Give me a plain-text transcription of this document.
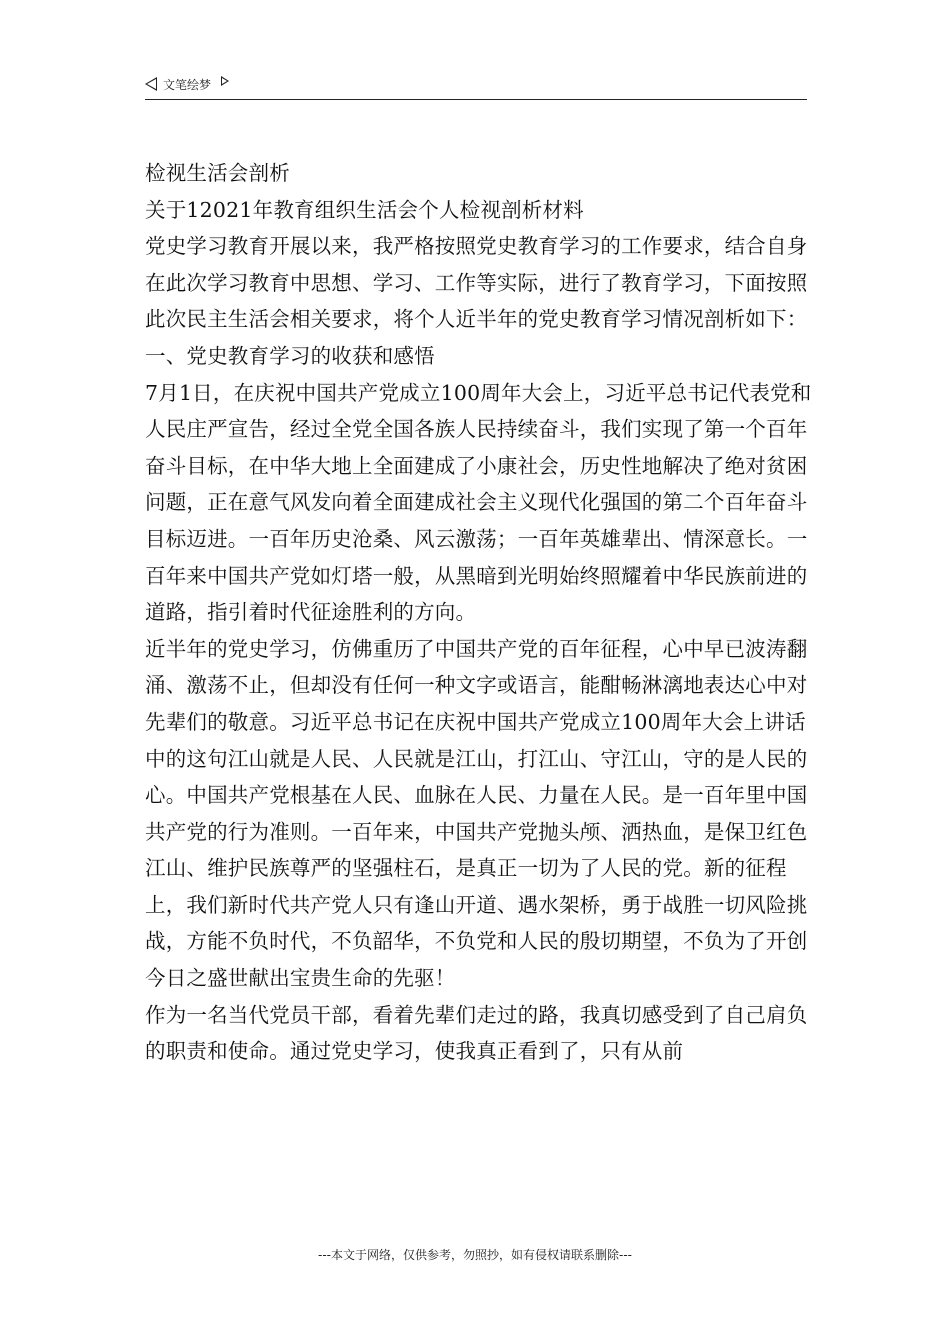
文笔绘梦

检视生活会剖析

关于12021年教育组织生活会个人检视剖析材料

党史学习教育开展以来，我严格按照党史教育学习的工作要求，结合自身在此次学习教育中思想、学习、工作等实际，进行了教育学习，下面按照此次民主生活会相关要求，将个人近半年的党史教育学习情况剖析如下：

一、党史教育学习的收获和感悟

7月1日，在庆祝中国共产党成立100周年大会上，习近平总书记代表党和人民庄严宣告，经过全党全国各族人民持续奋斗，我们实现了第一个百年奋斗目标，在中华大地上全面建成了小康社会，历史性地解决了绝对贫困问题，正在意气风发向着全面建成社会主义现代化强国的第二个百年奋斗目标迈进。一百年历史沧桑、风云激荡；一百年英雄辈出、情深意长。一百年来中国共产党如灯塔一般，从黑暗到光明始终照耀着中华民族前进的道路，指引着时代征途胜利的方向。

近半年的党史学习，仿佛重历了中国共产党的百年征程，心中早已波涛翻涌、激荡不止，但却没有任何一种文字或语言，能酣畅淋漓地表达心中对先辈们的敬意。习近平总书记在庆祝中国共产党成立100周年大会上讲话中的这句江山就是人民、人民就是江山，打江山、守江山，守的是人民的心。中国共产党根基在人民、血脉在人民、力量在人民。是一百年里中国共产党的行为准则。一百年来，中国共产党抛头颅、洒热血，是保卫红色江山、维护民族尊严的坚强柱石，是真正一切为了人民的党。新的征程上，我们新时代共产党人只有逢山开道、遇水架桥，勇于战胜一切风险挑战，方能不负时代，不负韶华，不负党和人民的殷切期望，不负为了开创今日之盛世献出宝贵生命的先驱！

作为一名当代党员干部，看着先辈们走过的路，我真切感受到了自己肩负的职责和使命。通过党史学习，使我真正看到了，只有从前

---本文于网络，仅供参考，勿照抄，如有侵权请联系删除---
